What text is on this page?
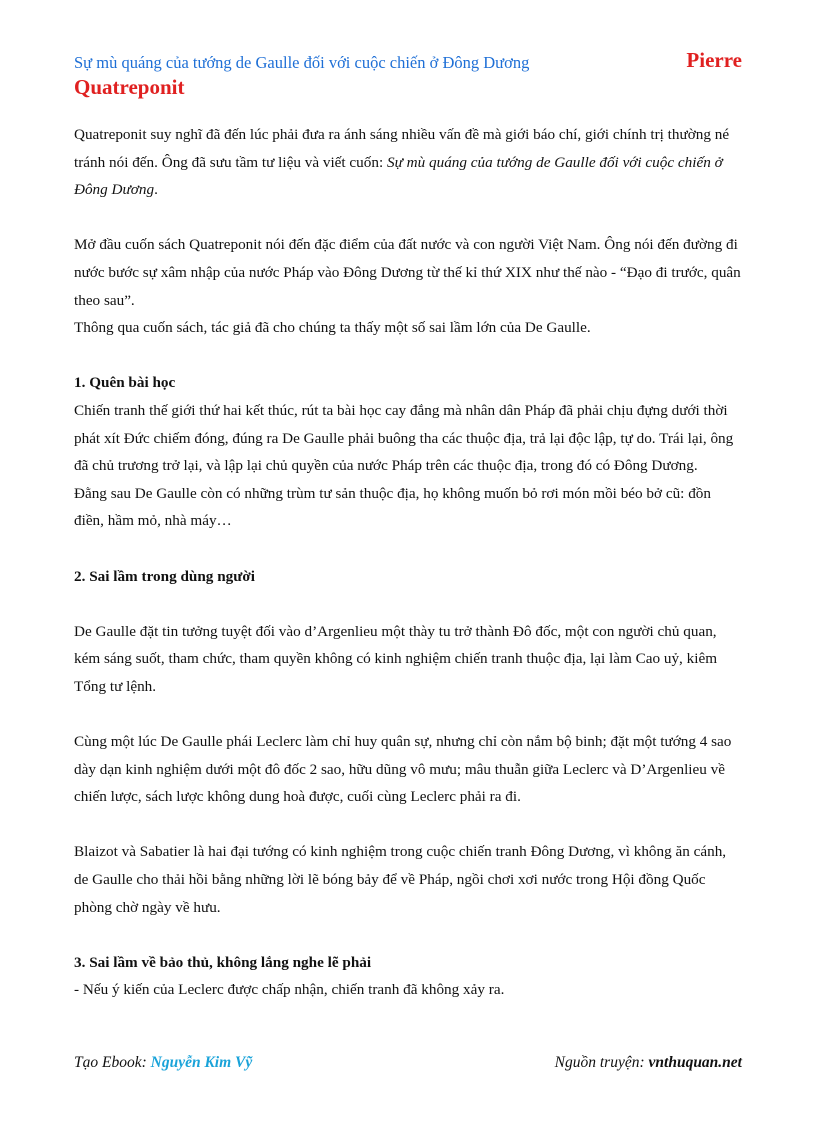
Sự mù quáng của tướng de Gaulle đối với cuộc chiến ở Đông Dương	Pierre
Quatreponit

Quatreponit suy nghĩ đã đến lúc phải đưa ra ánh sáng nhiều vấn đề mà giới báo chí, giới chính trị thường né tránh nói đến. Ông đã sưu tầm tư liệu và viết cuốn: Sự mù quáng của tướng de Gaulle đối với cuộc chiến ở Đông Dương.

Mở đầu cuốn sách Quatreponit nói đến đặc điểm của đất nước và con người Việt Nam. Ông nói đến đường đi nước bước sự xâm nhập của nước Pháp vào Đông Dương từ thế kỉ thứ XIX như thế nào - “Đạo đi trước, quân theo sau”.

Thông qua cuốn sách, tác giả đã cho chúng ta thấy một số sai lầm lớn của De Gaulle.

1. Quên bài học

Chiến tranh thế giới thứ hai kết thúc, rút ta bài học cay đắng mà nhân dân Pháp đã phải chịu đựng dưới thời phát xít Đức chiếm đóng, đúng ra De Gaulle phải buông tha các thuộc địa, trả lại độc lập, tự do. Trái lại, ông đã chủ trương trở lại, và lập lại chủ quyền của nước Pháp trên các thuộc địa, trong đó có Đông Dương.

Đằng sau De Gaulle còn có những trùm tư sản thuộc địa, họ không muốn bỏ rơi món mồi béo bở cũ: đồn điền, hầm mỏ, nhà máy…

2. Sai lầm trong dùng người

De Gaulle đặt tin tưởng tuyệt đối vào d’Argenlieu một thày tu trở thành Đô đốc, một con người chủ quan, kém sáng suốt, tham chức, tham quyền không có kinh nghiệm chiến tranh thuộc địa, lại làm Cao uỷ, kiêm Tổng tư lệnh.

Cùng một lúc De Gaulle phái Leclerc làm chỉ huy quân sự, nhưng chỉ còn nắm bộ binh; đặt một tướng 4 sao dày dạn kinh nghiệm dưới một đô đốc 2 sao, hữu dũng vô mưu; mâu thuẫn giữa Leclerc và D’Argenlieu về chiến lược, sách lược không dung hoà được, cuối cùng Leclerc phải ra đi.

Blaizot và Sabatier là hai đại tướng có kinh nghiệm trong cuộc chiến tranh Đông Dương, vì không ăn cánh, de Gaulle cho thải hồi bằng những lời lẽ bóng bảy để về Pháp, ngồi chơi xơi nước trong Hội đồng Quốc phòng chờ ngày về hưu.

3. Sai lầm về bảo thủ, không lắng nghe lẽ phải

- Nếu ý kiến của Leclerc được chấp nhận, chiến tranh đã không xảy ra.

Tạo Ebook: Nguyễn Kim Vỹ	Nguồn truyện: vnthuquan.net
